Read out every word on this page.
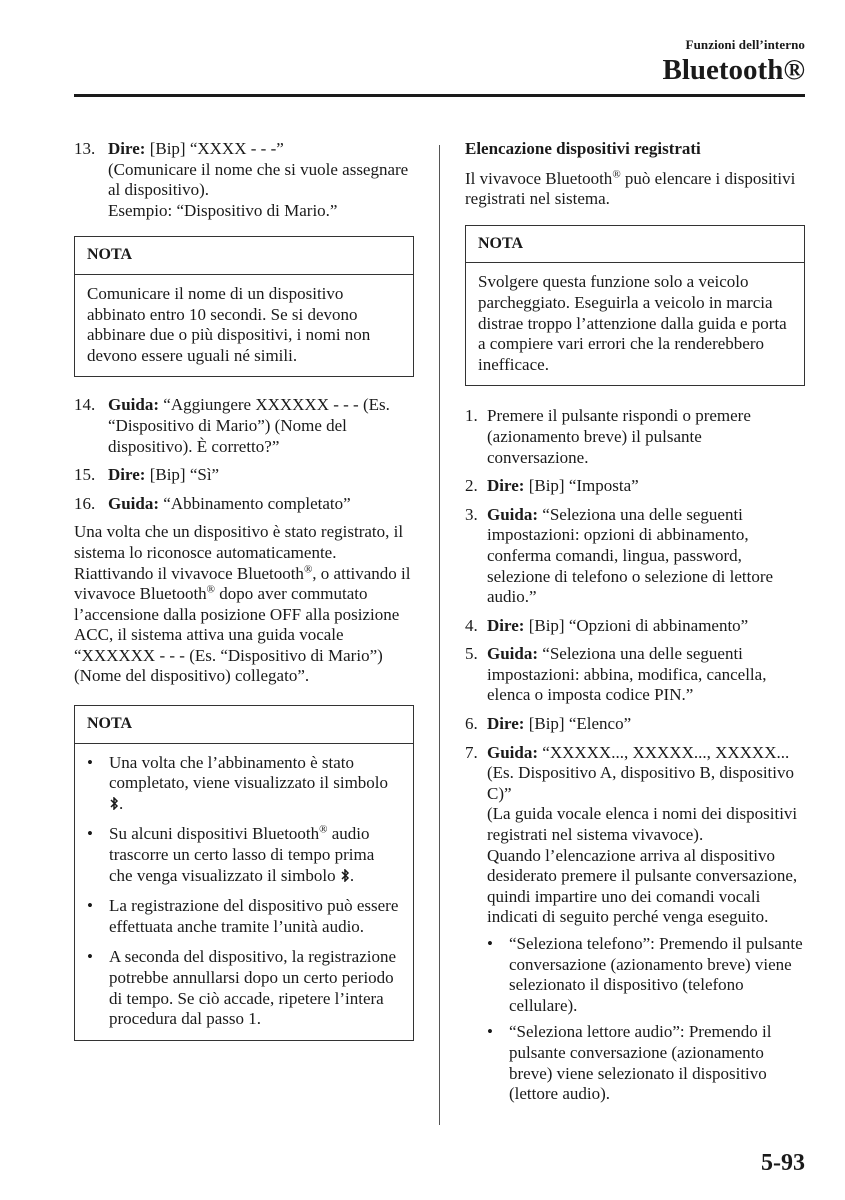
Funzioni dell’interno
Bluetooth®
13. Dire: [Bip] “XXXX - - -”
(Comunicare il nome che si vuole assegnare al dispositivo).
Esempio: “Dispositivo di Mario.”
NOTA
Comunicare il nome di un dispositivo abbinato entro 10 secondi. Se si devono abbinare due o più dispositivi, i nomi non devono essere uguali né simili.
14. Guida: “Aggiungere XXXXXX - - - (Es. “Dispositivo di Mario”) (Nome del dispositivo). È corretto?”
15. Dire: [Bip] “Sì”
16. Guida: “Abbinamento completato”

Una volta che un dispositivo è stato registrato, il sistema lo riconosce automaticamente. Riattivando il vivavoce Bluetooth®, o attivando il vivavoce Bluetooth® dopo aver commutato l’accensione dalla posizione OFF alla posizione ACC, il sistema attiva una guida vocale “XXXXXX - - - (Es. “Dispositivo di Mario”) (Nome del dispositivo) collegato”.

NOTA
• Una volta che l’abbinamento è stato completato, viene visualizzato il simbolo .
• Su alcuni dispositivi Bluetooth® audio trascorre un certo lasso di tempo prima che venga visualizzato il simbolo .
• La registrazione del dispositivo può essere effettuata anche tramite l’unità audio.
• A seconda del dispositivo, la registrazione potrebbe annullarsi dopo un certo periodo di tempo. Se ciò accade, ripetere l’intera procedura dal passo 1.
Elencazione dispositivi registrati

Il vivavoce Bluetooth® può elencare i dispositivi registrati nel sistema.

NOTA
Svolgere questa funzione solo a veicolo parcheggiato. Eseguirla a veicolo in marcia distrae troppo l’attenzione dalla guida e porta a compiere vari errori che la renderebbero inefficace.
1. Premere il pulsante rispondi o premere (azionamento breve) il pulsante conversazione.
2. Dire: [Bip] “Imposta”
3. Guida: “Seleziona una delle seguenti impostazioni: opzioni di abbinamento, conferma comandi, lingua, password, selezione di telefono o selezione di lettore audio.”
4. Dire: [Bip] “Opzioni di abbinamento”
5. Guida: “Seleziona una delle seguenti impostazioni: abbina, modifica, cancella, elenca o imposta codice PIN.”
6. Dire: [Bip] “Elenco”
7. Guida: “XXXXX..., XXXXX..., XXXXX... (Es. Dispositivo A, dispositivo B, dispositivo C)”
(La guida vocale elenca i nomi dei dispositivi registrati nel sistema vivavoce).
Quando l’elencazione arriva al dispositivo desiderato premere il pulsante conversazione, quindi impartire uno dei comandi vocali indicati di seguito perché venga eseguito.
• “Seleziona telefono”: Premendo il pulsante conversazione (azionamento breve) viene selezionato il dispositivo (telefono cellulare).
• “Seleziona lettore audio”: Premendo il pulsante conversazione (azionamento breve) viene selezionato il dispositivo (lettore audio).
5-93
